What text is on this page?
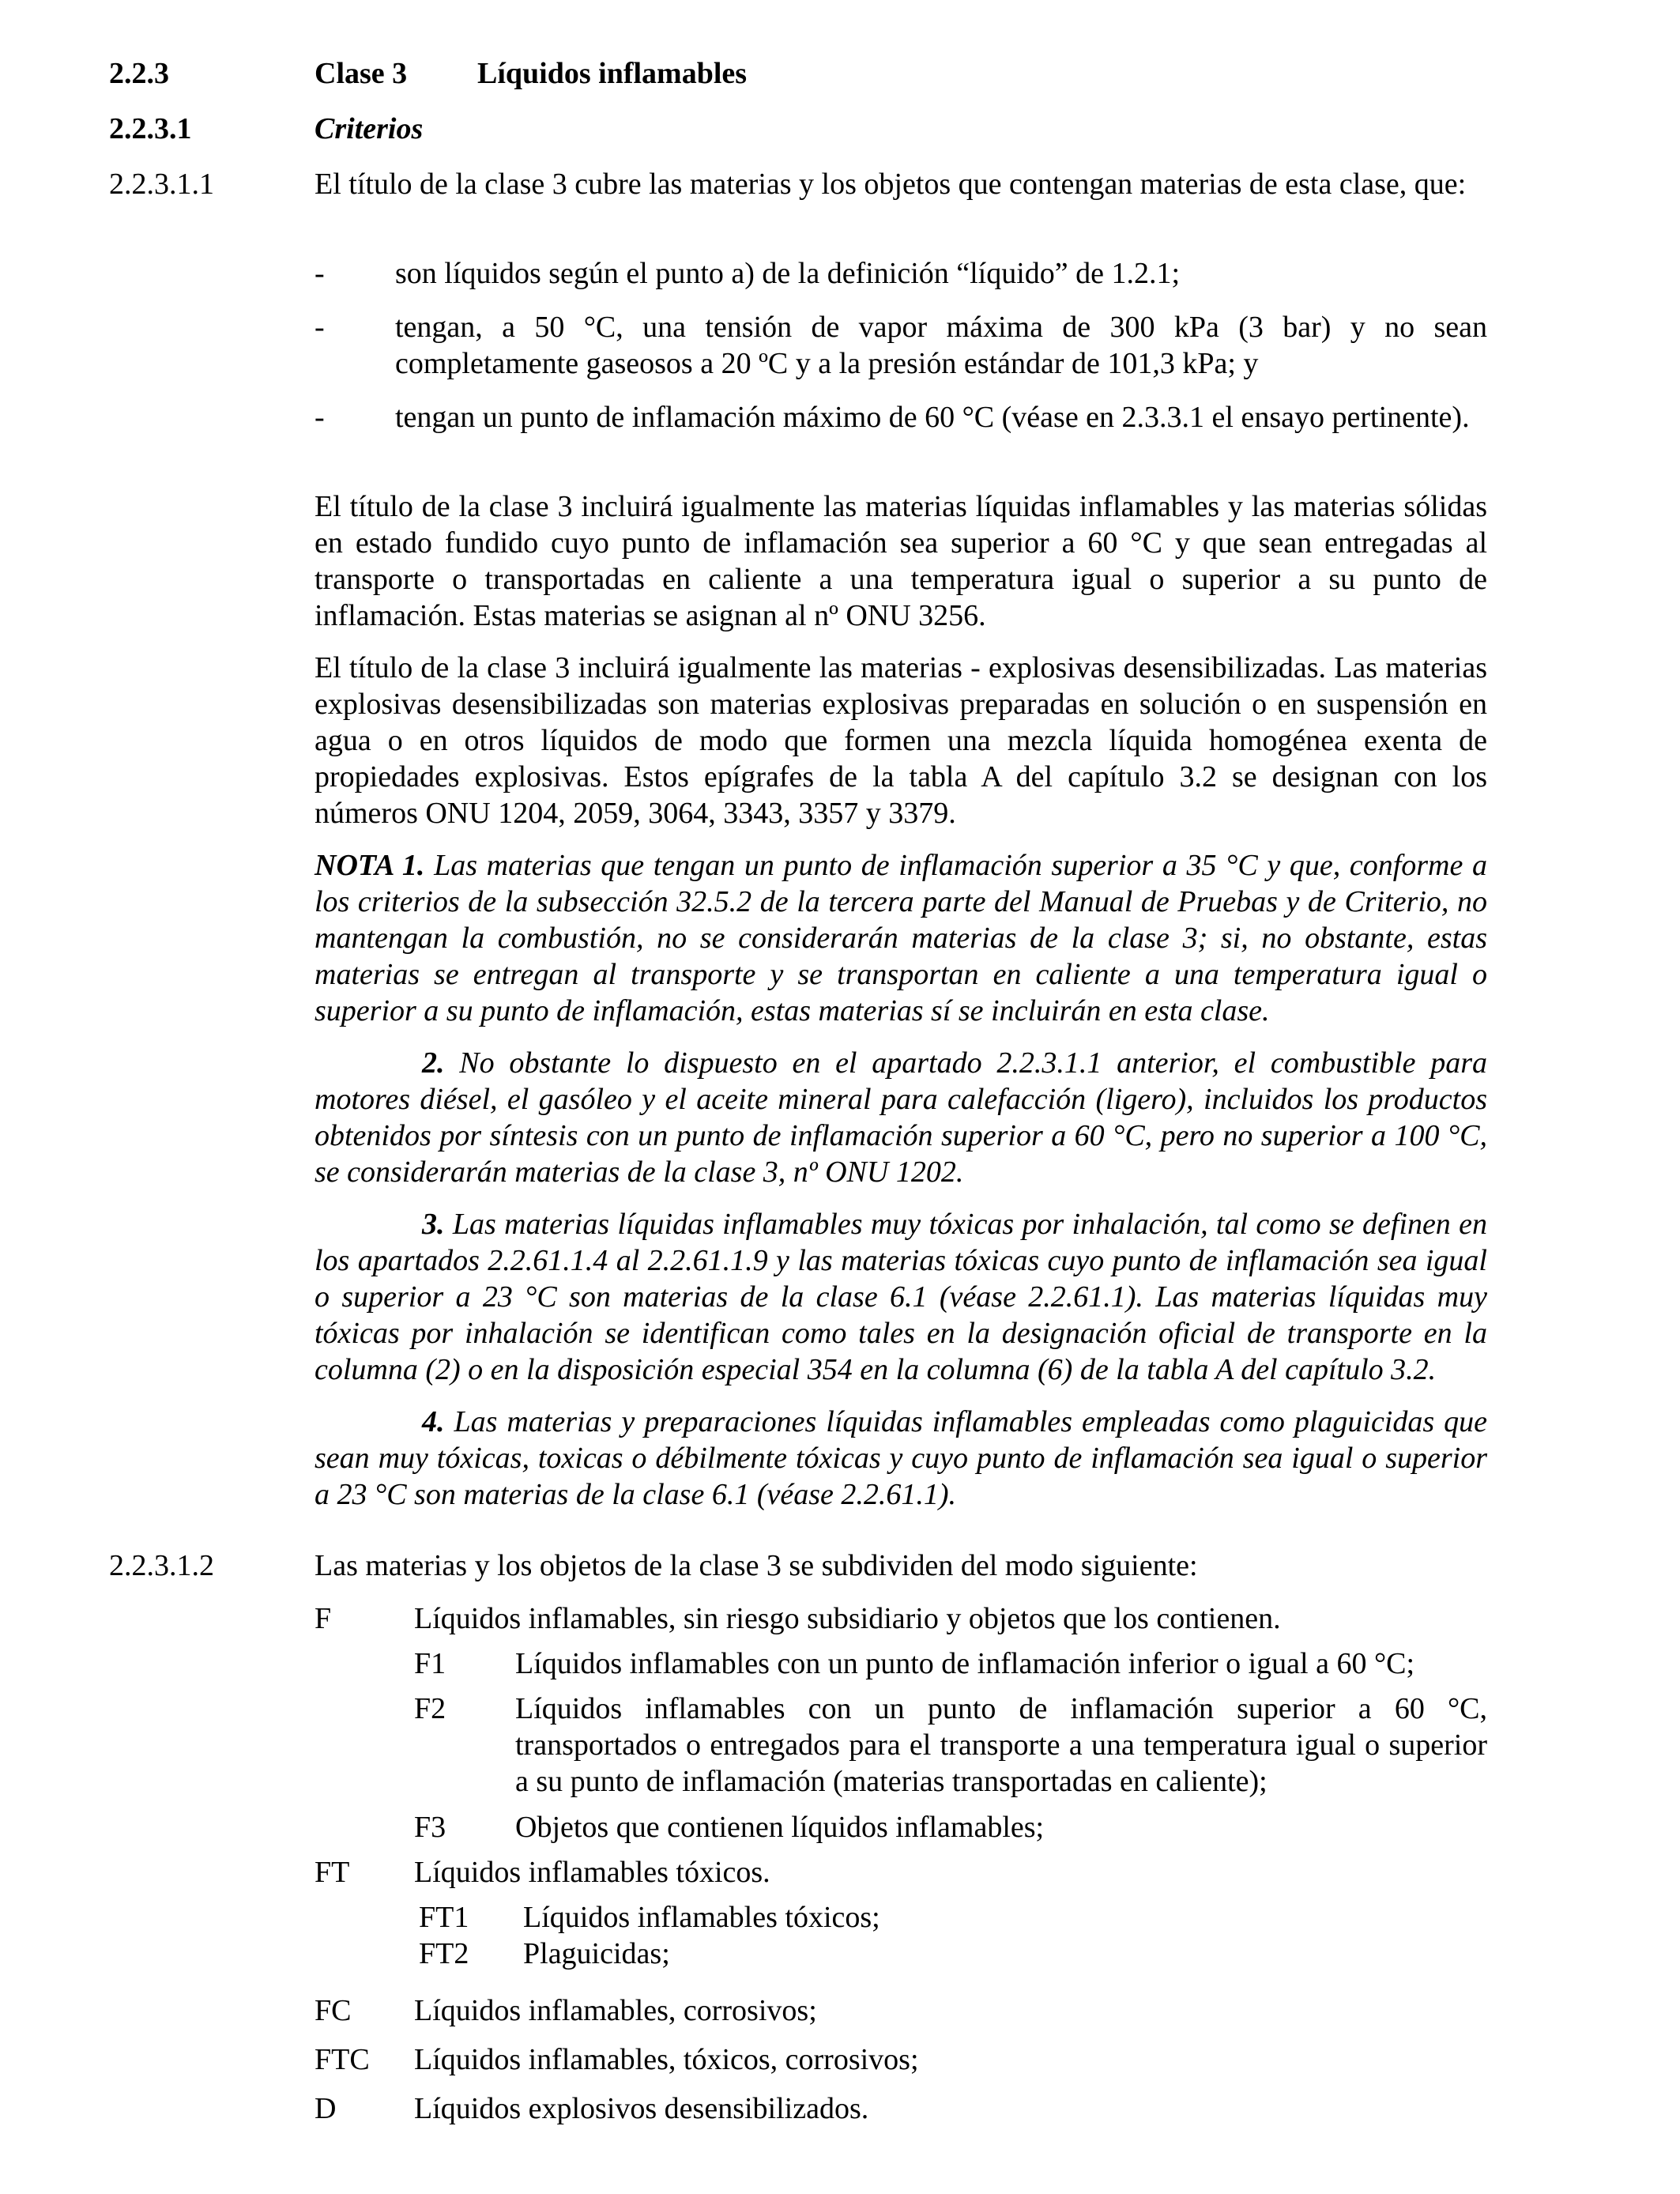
2.2.3	Clase 3 Líquidos inflamables
2.2.3.1	Criterios
2.2.3.1.1	El título de la clase 3 cubre las materias y los objetos que contengan materias de esta clase, que:

- son líquidos según el punto a) de la definición “líquido” de 1.2.1;

- tengan, a 50 °C, una tensión de vapor máxima de 300 kPa (3 bar) y no sean completamente gaseosos a 20 ºC y a la presión estándar de 101,3 kPa; y

- tengan un punto de inflamación máximo de 60 °C (véase en 2.3.3.1 el ensayo pertinente).

El título de la clase 3 incluirá igualmente las materias líquidas inflamables y las materias sólidas en estado fundido cuyo punto de inflamación sea superior a 60 °C y que sean entregadas al transporte o transportadas en caliente a una temperatura igual o superior a su punto de inflamación. Estas materias se asignan al nº ONU 3256.

El título de la clase 3 incluirá igualmente las materias - explosivas desensibilizadas. Las materias explosivas desensibilizadas son materias explosivas preparadas en solución o en suspensión en agua o en otros líquidos de modo que formen una mezcla líquida homogénea exenta de propiedades explosivas. Estos epígrafes de la tabla A del capítulo 3.2 se designan con los números ONU 1204, 2059, 3064, 3343, 3357 y 3379.

NOTA 1. Las materias que tengan un punto de inflamación superior a 35 °C y que, conforme a los criterios de la subsección 32.5.2 de la tercera parte del Manual de Pruebas y de Criterio, no mantengan la combustión, no se considerarán materias de la clase 3; si, no obstante, estas materias se entregan al transporte y se transportan en caliente a una temperatura igual o superior a su punto de inflamación, estas materias sí se incluirán en esta clase.

2. No obstante lo dispuesto en el apartado 2.2.3.1.1 anterior, el combustible para motores diésel, el gasóleo y el aceite mineral para calefacción (ligero), incluidos los productos obtenidos por síntesis con un punto de inflamación superior a 60 °C, pero no superior a 100 °C, se considerarán materias de la clase 3, nº ONU 1202.

3. Las materias líquidas inflamables muy tóxicas por inhalación, tal como se definen en los apartados 2.2.61.1.4 al 2.2.61.1.9 y las materias tóxicas cuyo punto de inflamación sea igual o superior a 23 °C son materias de la clase 6.1 (véase 2.2.61.1). Las materias líquidas muy tóxicas por inhalación se identifican como tales en la designación oficial de transporte en la columna (2) o en la disposición especial 354 en la columna (6) de la tabla A del capítulo 3.2.

4. Las materias y preparaciones líquidas inflamables empleadas como plaguicidas que sean muy tóxicas, toxicas o débilmente tóxicas y cuyo punto de inflamación sea igual o superior a 23 °C son materias de la clase 6.1 (véase 2.2.61.1).

2.2.3.1.2	Las materias y los objetos de la clase 3 se subdividen del modo siguiente:

F	Líquidos inflamables, sin riesgo subsidiario y objetos que los contienen.
F1 Líquidos inflamables con un punto de inflamación inferior o igual a 60 °C;
F2 Líquidos inflamables con un punto de inflamación superior a 60 °C, transportados o entregados para el transporte a una temperatura igual o superior a su punto de inflamación (materias transportadas en caliente);

F3 Objetos que contienen líquidos inflamables;
FT Líquidos inflamables tóxicos.
FT1 Líquidos inflamables tóxicos;
FT2 Plaguicidas;
FC Líquidos inflamables, corrosivos;
FTC Líquidos inflamables, tóxicos, corrosivos;
D	Líquidos explosivos desensibilizados.
